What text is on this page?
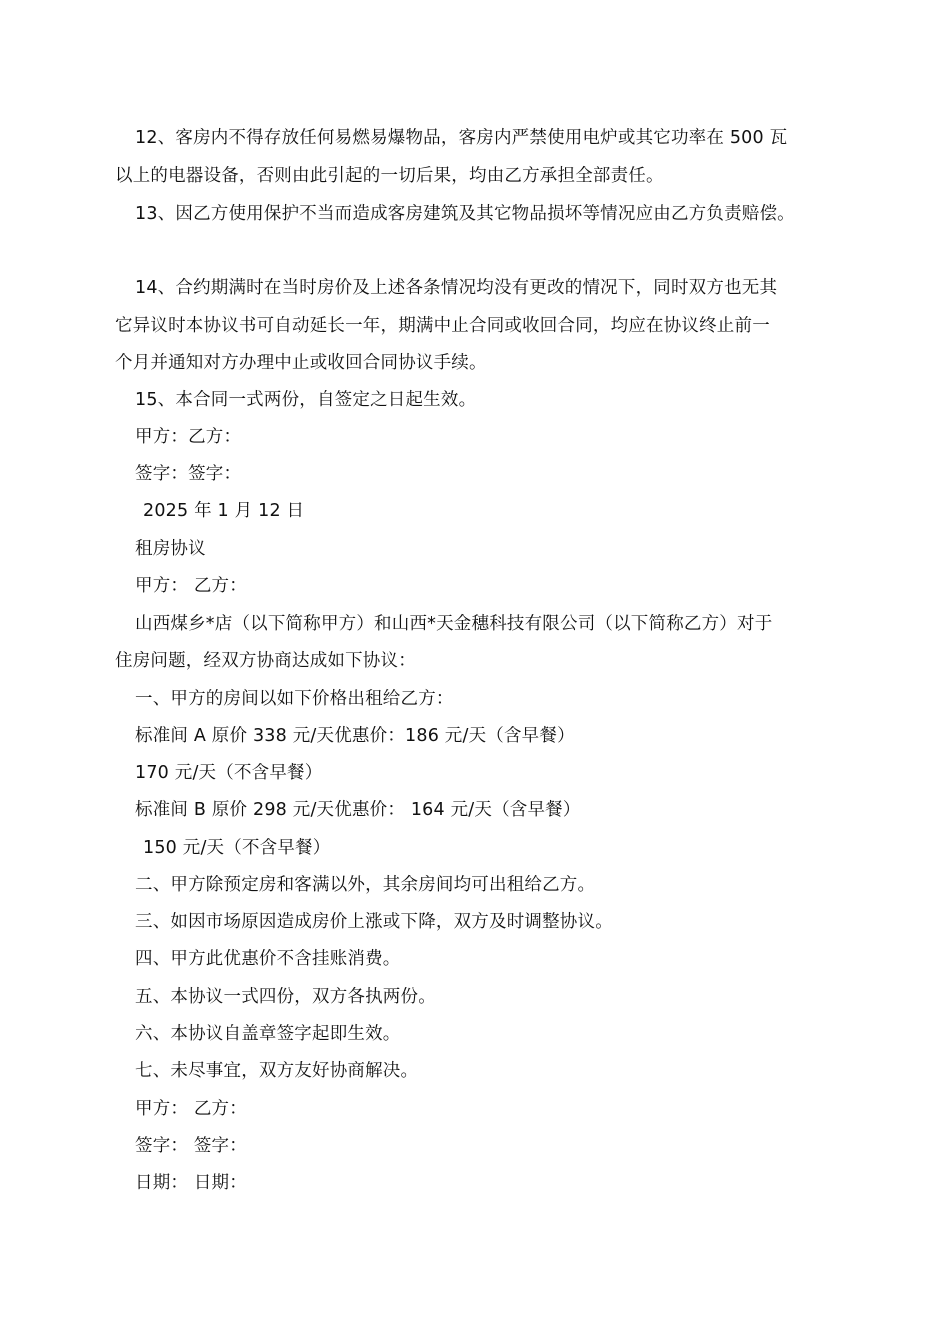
12、客房内不得存放任何易燃易爆物品，客房内严禁使用电炉或其它功率在 500 瓦
以上的电器设备，否则由此引起的一切后果，均由乙方承担全部责任。
13、因乙方使用保护不当而造成客房建筑及其它物品损坏等情况应由乙方负责赔偿。
14、合约期满时在当时房价及上述各条情况均没有更改的情况下，同时双方也无其
它异议时本协议书可自动延长一年，期满中止合同或收回合同，均应在协议终止前一
个月并通知对方办理中止或收回合同协议手续。
15、本合同一式两份，自签定之日起生效。
甲方：乙方：
签字：签字：
2025 年 1 月 12 日
租房协议
甲方： 乙方：
山西煤乡*店（以下简称甲方）和山西*天金穗科技有限公司（以下简称乙方）对于
住房问题，经双方协商达成如下协议：
一、甲方的房间以如下价格出租给乙方：
标准间 A 原价 338 元/天优惠价：186 元/天（含早餐）
170 元/天（不含早餐）
标准间 B 原价 298 元/天优惠价： 164 元/天（含早餐）
150 元/天（不含早餐）
二、甲方除预定房和客满以外，其余房间均可出租给乙方。
三、如因市场原因造成房价上涨或下降，双方及时调整协议。
四、甲方此优惠价不含挂账消费。
五、本协议一式四份，双方各执两份。
六、本协议自盖章签字起即生效。
七、未尽事宜，双方友好协商解决。
甲方： 乙方：
签字： 签字：
日期： 日期：
